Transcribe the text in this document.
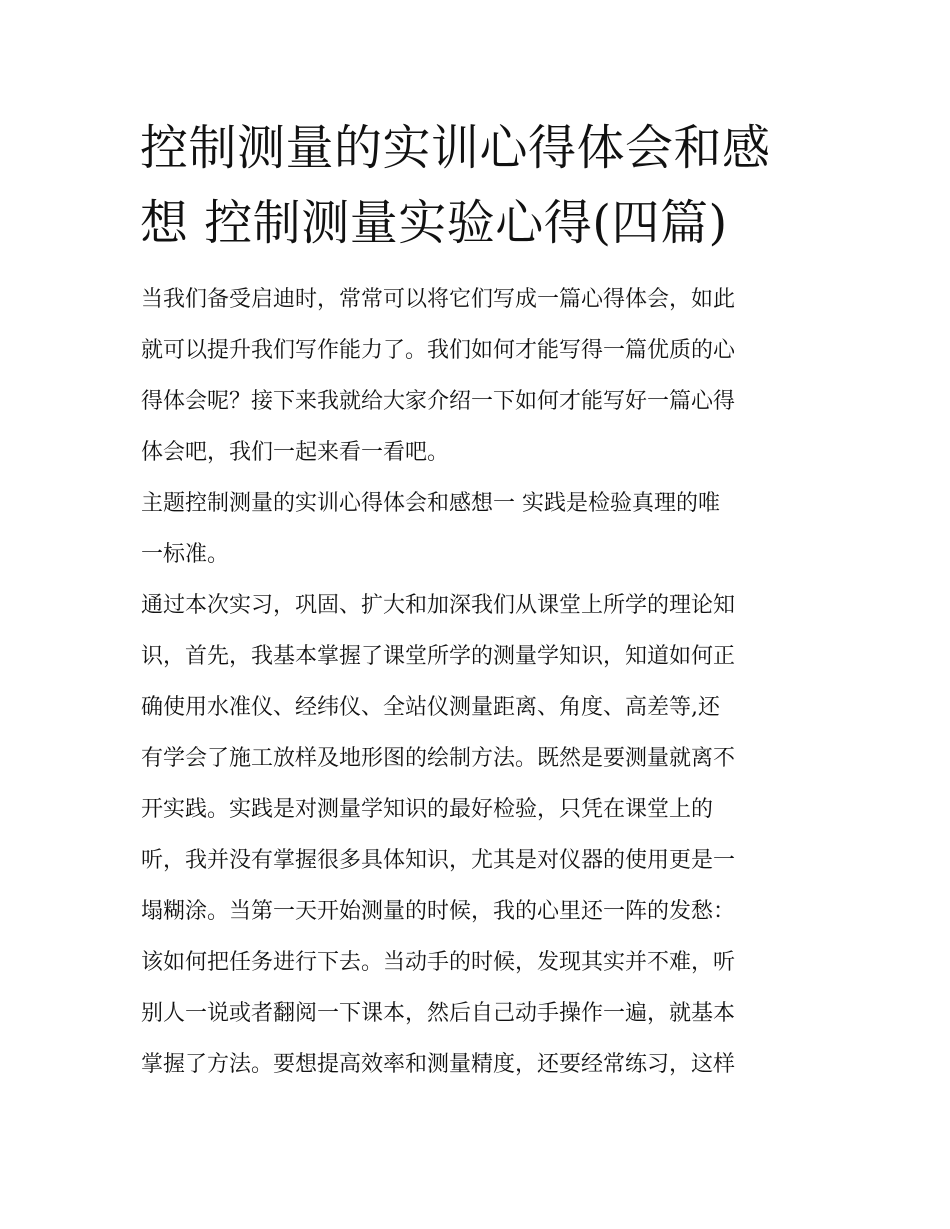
控制测量的实训心得体会和感
想 控制测量实验心得(四篇)
当我们备受启迪时，常常可以将它们写成一篇心得体会，如此
就可以提升我们写作能力了。我们如何才能写得一篇优质的心
得体会呢？接下来我就给大家介绍一下如何才能写好一篇心得
体会吧，我们一起来看一看吧。
主题控制测量的实训心得体会和感想一 实践是检验真理的唯
一标准。
通过本次实习，巩固、扩大和加深我们从课堂上所学的理论知
识，首先，我基本掌握了课堂所学的测量学知识，知道如何正
确使用水准仪、经纬仪、全站仪测量距离、角度、高差等,还
有学会了施工放样及地形图的绘制方法。既然是要测量就离不
开实践。实践是对测量学知识的最好检验，只凭在课堂上的
听，我并没有掌握很多具体知识，尤其是对仪器的使用更是一
塌糊涂。当第一天开始测量的时候，我的心里还一阵的发愁：
该如何把任务进行下去。当动手的时候，发现其实并不难，听
别人一说或者翻阅一下课本，然后自己动手操作一遍，就基本
掌握了方法。要想提高效率和测量精度，还要经常练习，这样
